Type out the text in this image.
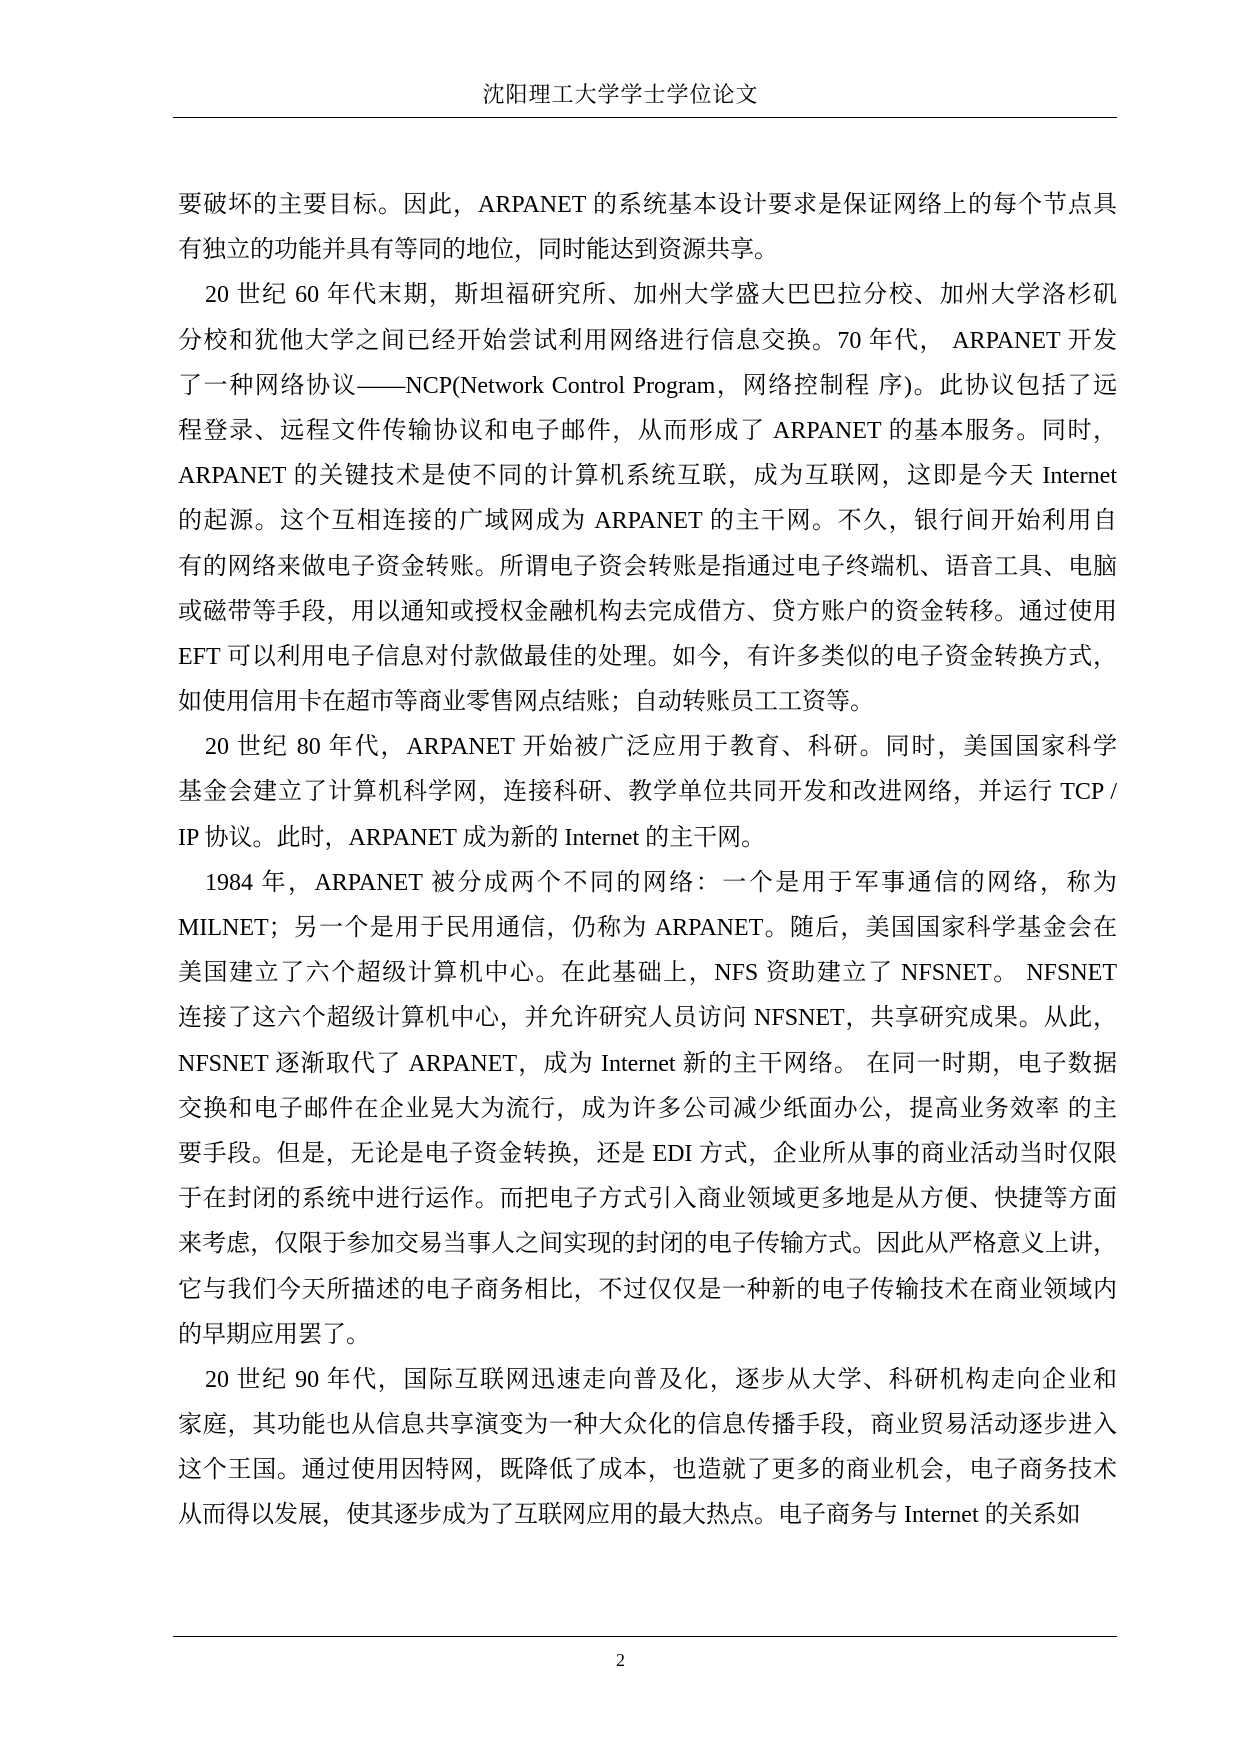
沈阳理工大学学士学位论文
要破坏的主要目标。因此，ARPANET 的系统基本设计要求是保证网络上的每个节点具
有独立的功能并具有等同的地位，同时能达到资源共享。
20 世纪 60 年代末期，斯坦福研究所、加州大学盛大巴巴拉分校、加州大学洛杉矶
分校和犹他大学之间已经开始尝试利用网络进行信息交换。70 年代， ARPANET 开发
了一种网络协议——NCP(Network Control Program，网络控制程 序)。此协议包括了远
程登录、远程文件传输协议和电子邮件，从而形成了 ARPANET 的基本服务。同时，
ARPANET 的关键技术是使不同的计算机系统互联，成为互联网，这即是今天 Internet
的起源。这个互相连接的广域网成为 ARPANET 的主干网。不久，银行间开始利用自
有的网络来做电子资金转账。所谓电子资会转账是指通过电子终端机、语音工具、电脑
或磁带等手段，用以通知或授权金融机构去完成借方、贷方账户的资金转移。通过使用
EFT 可以利用电子信息对付款做最佳的处理。如今，有许多类似的电子资金转换方式，
如使用信用卡在超市等商业零售网点结账；自动转账员工工资等。
20 世纪 80 年代，ARPANET 开始被广泛应用于教育、科研。同时，美国国家科学
基金会建立了计算机科学网，连接科研、教学单位共同开发和改进网络，并运行 TCP /
IP 协议。此时，ARPANET 成为新的 Internet 的主干网。
1984 年，ARPANET 被分成两个不同的网络：一个是用于军事通信的网络，称为
MILNET；另一个是用于民用通信，仍称为 ARPANET。随后，美国国家科学基金会在
美国建立了六个超级计算机中心。在此基础上，NFS 资助建立了 NFSNET。 NFSNET
连接了这六个超级计算机中心，并允许研究人员访问 NFSNET，共享研究成果。从此，
NFSNET 逐渐取代了 ARPANET，成为 Internet 新的主干网络。 在同一时期，电子数据
交换和电子邮件在企业晃大为流行，成为许多公司减少纸面办公，提高业务效率 的主
要手段。但是，无论是电子资金转换，还是 EDI 方式，企业所从事的商业活动当时仅限
于在封闭的系统中进行运作。而把电子方式引入商业领域更多地是从方便、快捷等方面
来考虑，仅限于参加交易当事人之间实现的封闭的电子传输方式。因此从严格意义上讲，
它与我们今天所描述的电子商务相比，不过仅仅是一种新的电子传输技术在商业领域内
的早期应用罢了。
20 世纪 90 年代，国际互联网迅速走向普及化，逐步从大学、科研机构走向企业和
家庭，其功能也从信息共享演变为一种大众化的信息传播手段，商业贸易活动逐步进入
这个王国。通过使用因特网，既降低了成本，也造就了更多的商业机会，电子商务技术
从而得以发展，使其逐步成为了互联网应用的最大热点。电子商务与 Internet 的关系如
2
